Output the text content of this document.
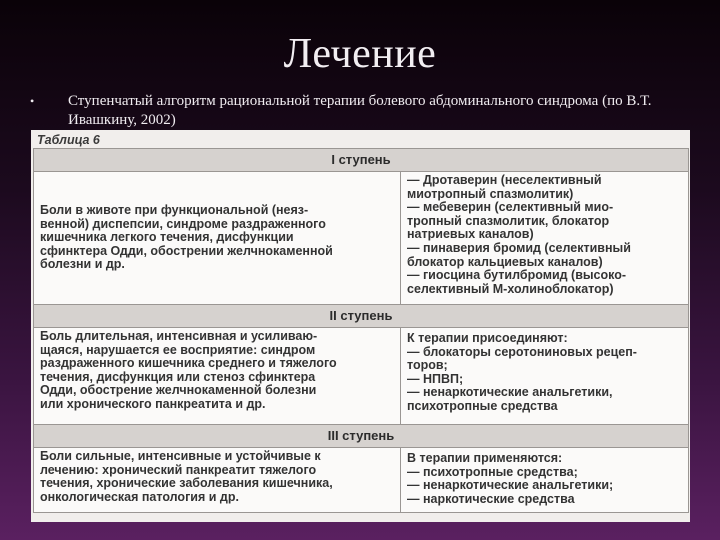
Лечение
•	Ступенчатый алгоритм рациональной терапии болевого абдоминального синдрома (по В.Т. Ивашкину, 2002)
Таблица 6
I ступень
Боли в животе при функциональной (неяз-
венной) диспепсии, синдроме раздраженного
кишечника легкого течения, дисфункции
сфинктера Одди, обострении желчнокаменной
болезни и др.
— Дротаверин (неселективный
миотропный спазмолитик)
— мебеверин (селективный мио-
тропный спазмолитик, блокатор
натриевых каналов)
— пинаверия бромид (селективный
блокатор кальциевых каналов)
— гиосцина бутилбромид (высоко-
селективный М-холиноблокатор)
II ступень
Боль длительная, интенсивная и усиливаю-
щаяся, нарушается ее восприятие: синдром
раздраженного кишечника среднего и тяжелого
течения, дисфункция или стеноз сфинктера
Одди, обострение желчнокаменной болезни
или хронического панкреатита и др.
К терапии присоединяют:
— блокаторы серотониновых рецеп-
торов;
— НПВП;
— ненаркотические анальгетики,
психотропные средства
III ступень
Боли сильные, интенсивные и устойчивые к
лечению: хронический панкреатит тяжелого
течения, хронические заболевания кишечника,
онкологическая патология и др.
В терапии применяются:
— психотропные средства;
— ненаркотические анальгетики;
— наркотические средства
